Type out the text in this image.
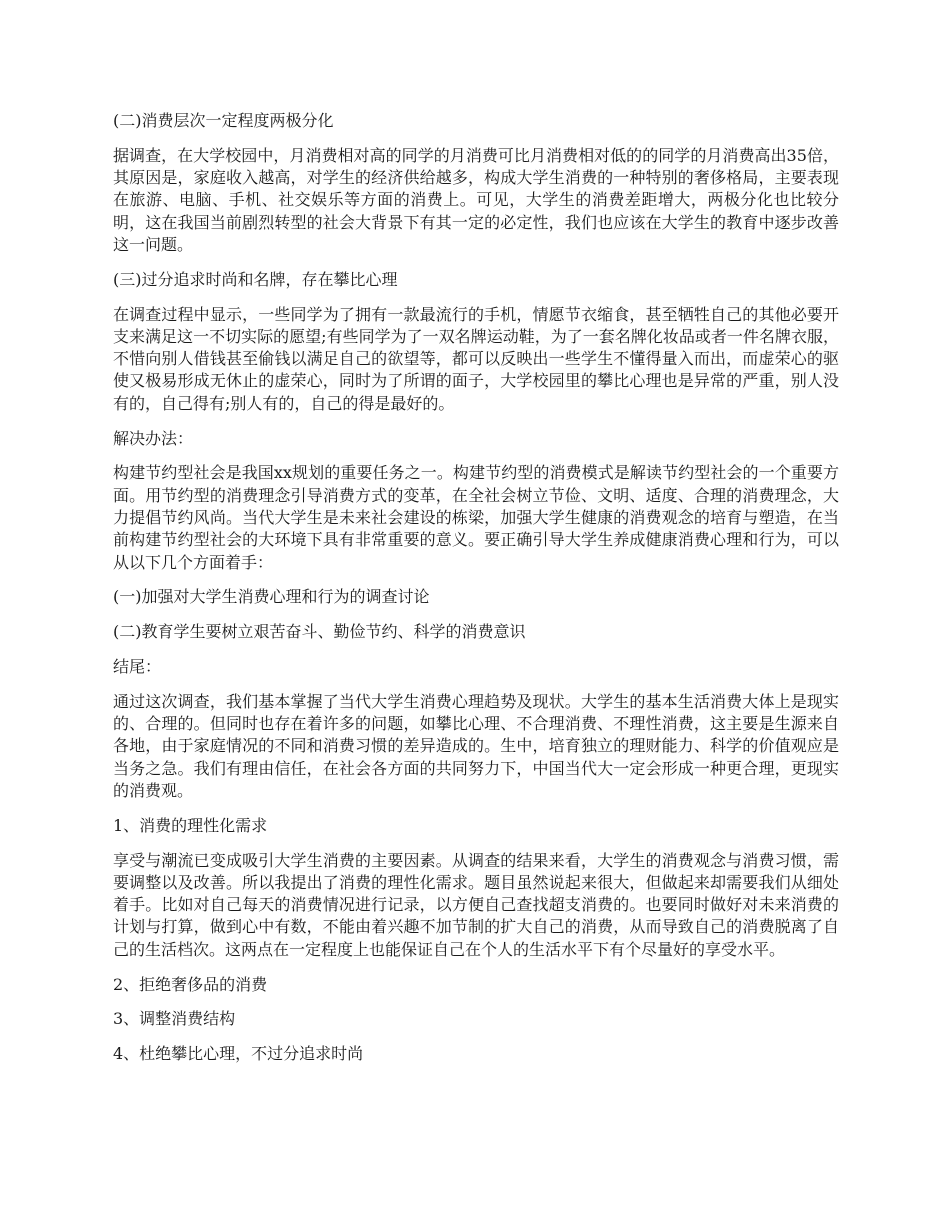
(二)消费层次一定程度两极分化

据调查，在大学校园中，月消费相对高的同学的月消费可比月消费相对低的的同学的月消费高出35倍，其原因是，家庭收入越高，对学生的经济供给越多，构成大学生消费的一种特别的奢侈格局，主要表现在旅游、电脑、手机、社交娱乐等方面的消费上。可见，大学生的消费差距增大，两极分化也比较分明，这在我国当前剧烈转型的社会大背景下有其一定的必定性，我们也应该在大学生的教育中逐步改善这一问题。

(三)过分追求时尚和名牌，存在攀比心理

在调查过程中显示，一些同学为了拥有一款最流行的手机，情愿节衣缩食，甚至牺牲自己的其他必要开支来满足这一不切实际的愿望;有些同学为了一双名牌运动鞋，为了一套名牌化妆品或者一件名牌衣服，不惜向别人借钱甚至偷钱以满足自己的欲望等，都可以反映出一些学生不懂得量入而出，而虚荣心的驱使又极易形成无休止的虚荣心，同时为了所谓的面子，大学校园里的攀比心理也是异常的严重，别人没有的，自己得有;别人有的，自己的得是最好的。

解决办法：

构建节约型社会是我国xx规划的重要任务之一。构建节约型的消费模式是解读节约型社会的一个重要方面。用节约型的消费理念引导消费方式的变革，在全社会树立节俭、文明、适度、合理的消费理念，大力提倡节约风尚。当代大学生是未来社会建设的栋梁，加强大学生健康的消费观念的培育与塑造，在当前构建节约型社会的大环境下具有非常重要的意义。要正确引导大学生养成健康消费心理和行为，可以从以下几个方面着手：

(一)加强对大学生消费心理和行为的调查讨论

(二)教育学生要树立艰苦奋斗、勤俭节约、科学的消费意识

结尾：

通过这次调查，我们基本掌握了当代大学生消费心理趋势及现状。大学生的基本生活消费大体上是现实的、合理的。但同时也存在着许多的问题，如攀比心理、不合理消费、不理性消费，这主要是生源来自各地，由于家庭情况的不同和消费习惯的差异造成的。生中，培育独立的理财能力、科学的价值观应是当务之急。我们有理由信任，在社会各方面的共同努力下，中国当代大一定会形成一种更合理，更现实的消费观。

1、消费的理性化需求

享受与潮流已变成吸引大学生消费的主要因素。从调查的结果来看，大学生的消费观念与消费习惯，需要调整以及改善。所以我提出了消费的理性化需求。题目虽然说起来很大，但做起来却需要我们从细处着手。比如对自己每天的消费情况进行记录，以方便自己查找超支消费的。也要同时做好对未来消费的计划与打算，做到心中有数，不能由着兴趣不加节制的扩大自己的消费，从而导致自己的消费脱离了自己的生活档次。这两点在一定程度上也能保证自己在个人的生活水平下有个尽量好的享受水平。

2、拒绝奢侈品的消费

3、调整消费结构

4、杜绝攀比心理，不过分追求时尚
